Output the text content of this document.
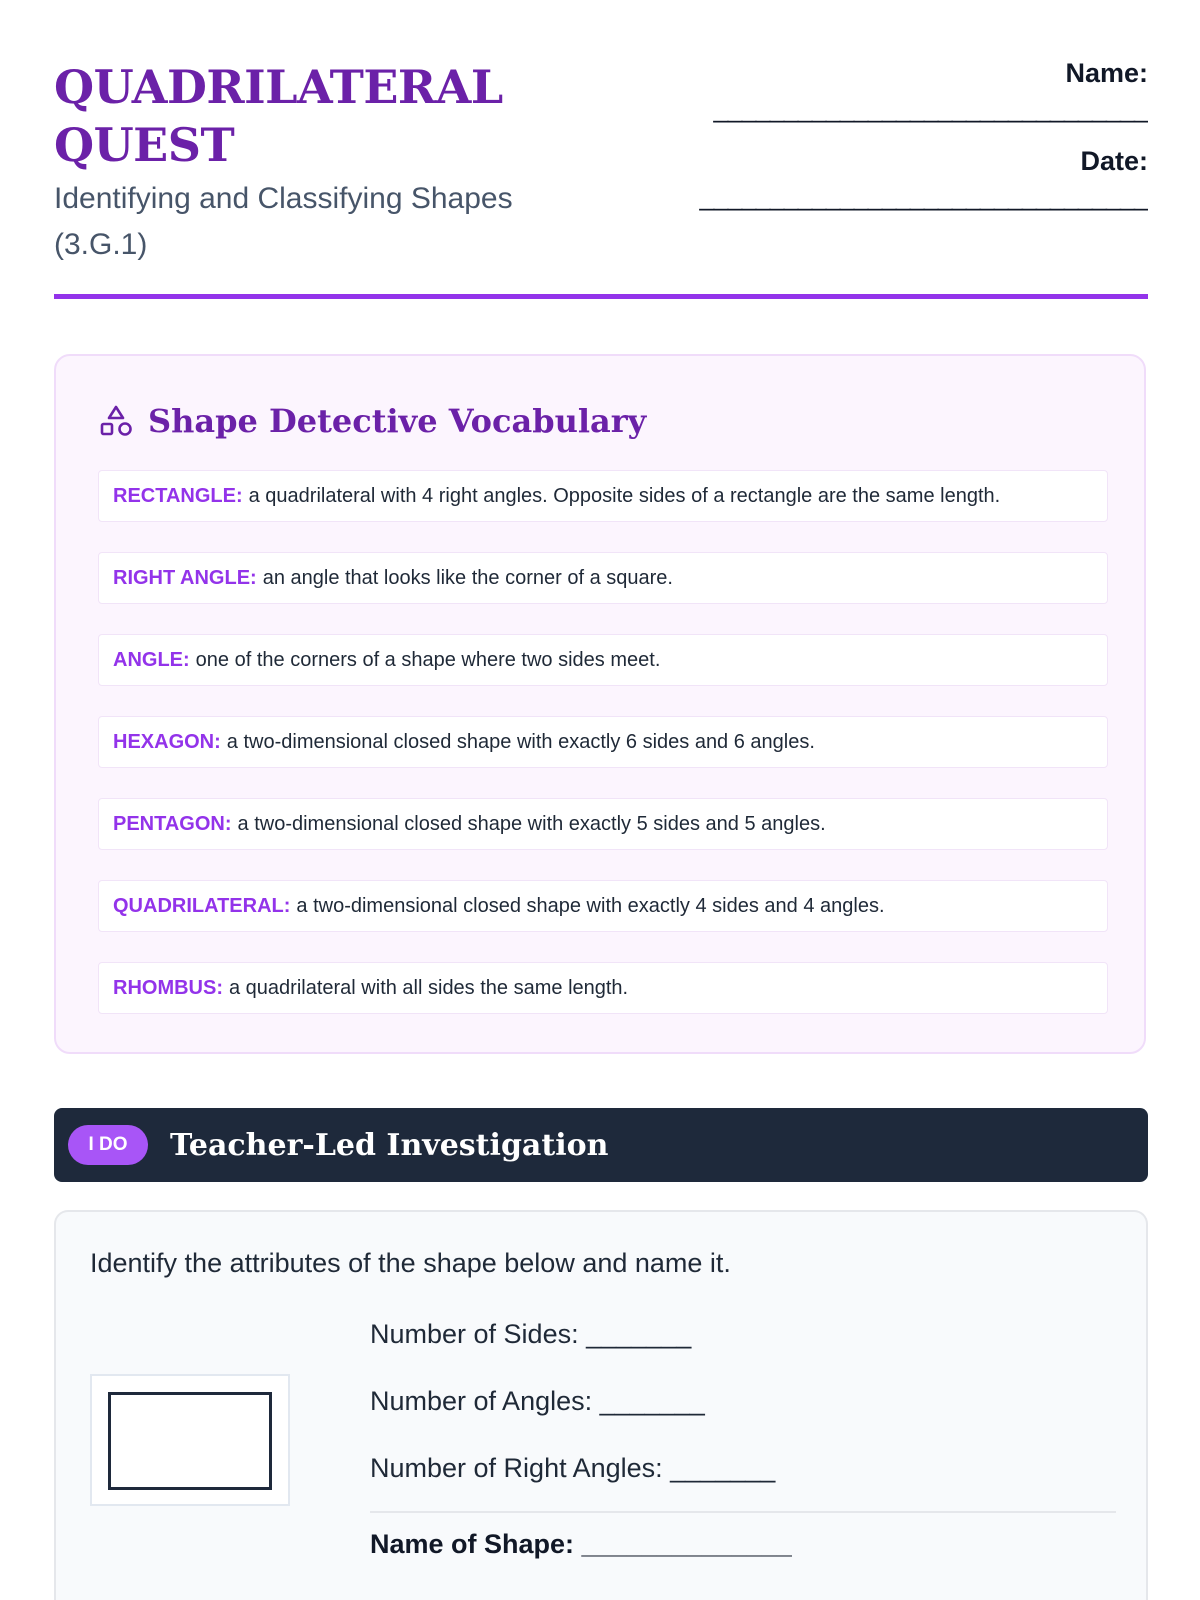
QUADRILATERAL QUEST
Identifying and Classifying Shapes (3.G.1)
Name:
_______________________________
Date:
________________________________
Shape Detective Vocabulary
RECTANGLE: a quadrilateral with 4 right angles. Opposite sides of a rectangle are the same length.
RIGHT ANGLE: an angle that looks like the corner of a square.
ANGLE: one of the corners of a shape where two sides meet.
HEXAGON: a two-dimensional closed shape with exactly 6 sides and 6 angles.
PENTAGON: a two-dimensional closed shape with exactly 5 sides and 5 angles.
QUADRILATERAL: a two-dimensional closed shape with exactly 4 sides and 4 angles.
RHOMBUS: a quadrilateral with all sides the same length.
I DO	Teacher-Led Investigation
Identify the attributes of the shape below and name it.
Number of Sides: _______
Number of Angles: _______
Number of Right Angles: _______
Name of Shape: ______________
